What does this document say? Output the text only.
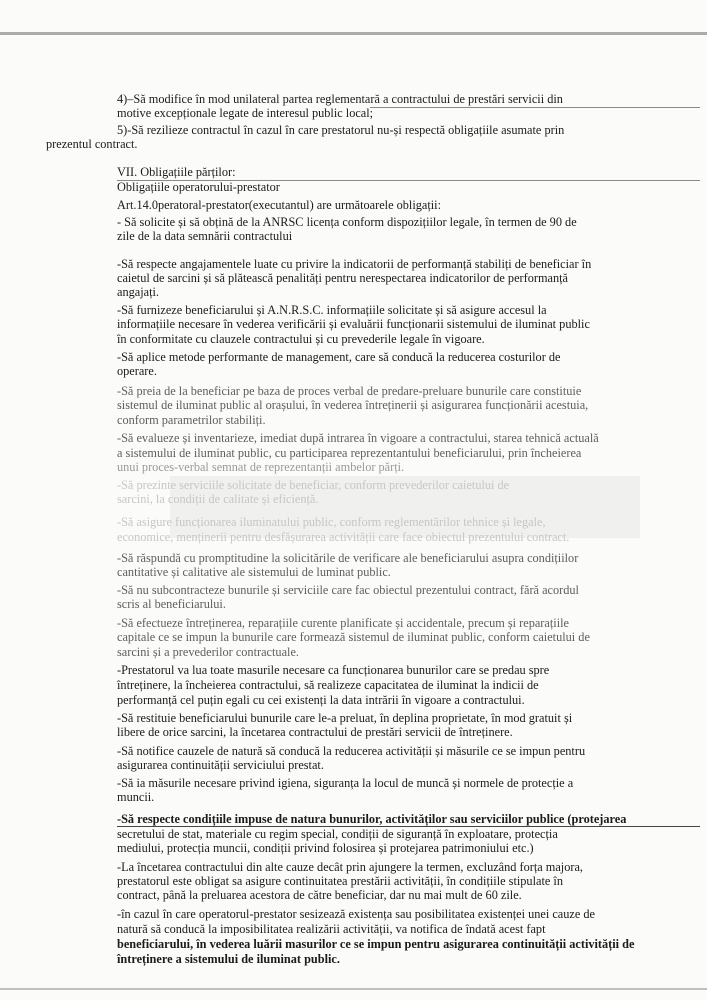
4)–Să modifice în mod unilateral partea reglementară a contractului de prestări servicii din
motive excepționale legate de interesul public local;
5)-Să rezilieze contractul în cazul în care prestatorul nu-și respectă obligațiile asumate prin
prezentul contract.
VII. Obligațiile părților:
Obligațiile operatorului-prestator
Art.14.0peratoral-prestator(executantul) are următoarele obligații:
- Să solicite și să obțină de la ANRSC licența conform dispozițiilor legale, în termen de 90 de
zile de la data semnării contractului
-Să respecte angajamentele luate cu privire la indicatorii de performanță stabiliți de beneficiar în
caietul de sarcini și să plătească penalități pentru nerespectarea indicatorilor de performanță
angajați.
-Să furnizeze beneficiarului și A.N.R.S.C. informațiile solicitate și să asigure accesul la
informațiile necesare în vederea verificării și evaluării funcționarii sistemului de iluminat public
în conformitate cu clauzele contractului și cu prevederile legale în vigoare.
-Să aplice metode performante de management, care să conducă la reducerea costurilor de
operare.
-Să preia de la beneficiar pe baza de proces verbal de predare-preluare bunurile care constituie
sistemul de iluminat public al orașului, în vederea întreținerii și asigurarea funcționării acestuia,
conform parametrilor stabiliți.
-Să evalueze și inventarieze, imediat după intrarea în vigoare a contractului, starea tehnică actuală
a sistemului de iluminat public, cu participarea reprezentantului beneficiarului, prin încheierea
unui proces-verbal semnat de reprezentanții ambelor părți.
-Să prezinte serviciile solicitate de beneficiar, conform prevederilor caietului de
sarcini, la condiții de calitate și eficiență.
-Să asigure funcționarea iluminatului public, conform reglementărilor tehnice și legale,
economice, menținerii pentru desfășurarea activității care face obiectul prezentului contract.
-Să răspundă cu promptitudine la solicitările de verificare ale beneficiarului asupra condițiilor
cantitative și calitative ale sistemului de luminat public.
-Să nu subcontracteze bunurile și serviciile care fac obiectul prezentului contract, fără acordul
scris al beneficiarului.
-Să efectueze întreținerea, reparațiile curente planificate și accidentale, precum și reparațiile
capitale ce se impun la bunurile care formează sistemul de iluminat public, conform caietului de
sarcini și a prevederilor contractuale.
-Prestatorul va lua toate masurile necesare ca funcționarea bunurilor care se predau spre
întreținere, la încheierea contractului, să realizeze capacitatea de iluminat la indicii de
performanță cel puțin egali cu cei existenți la data intrării în vigoare a contractului.
-Să restituie beneficiarului bunurile care le-a preluat, în deplina proprietate, în mod gratuit și
libere de orice sarcini, la încetarea contractului de prestări servicii de întreținere.
-Să notifice cauzele de natură să conducă la reducerea activității și măsurile ce se impun pentru
asigurarea continuității serviciului prestat.
-Să ia măsurile necesare privind igiena, siguranța la locul de muncă și normele de protecție a
muncii.
-Să respecte condițiile impuse de natura bunurilor, activităților sau serviciilor publice (protejarea
secretului de stat, materiale cu regim special, condiții de siguranță în exploatare, protecția
mediului, protecția muncii, condiții privind folosirea și protejarea patrimoniului etc.)
-La încetarea contractului din alte cauze decât prin ajungere la termen, excluzând forța majora,
prestatorul este obligat sa asigure continuitatea prestării activității, în condițiile stipulate în
contract, până la preluarea acestora de către beneficiar, dar nu mai mult de 60 zile.
-în cazul în care operatorul-prestator sesizează existența sau posibilitatea existenței unei cauze de
natură să conducă la imposibilitatea realizării activității, va notifica de îndată acest fapt
beneficiarului, în vederea luării masurilor ce se impun pentru asigurarea continuității activității de
întreținere a sistemului de iluminat public.
